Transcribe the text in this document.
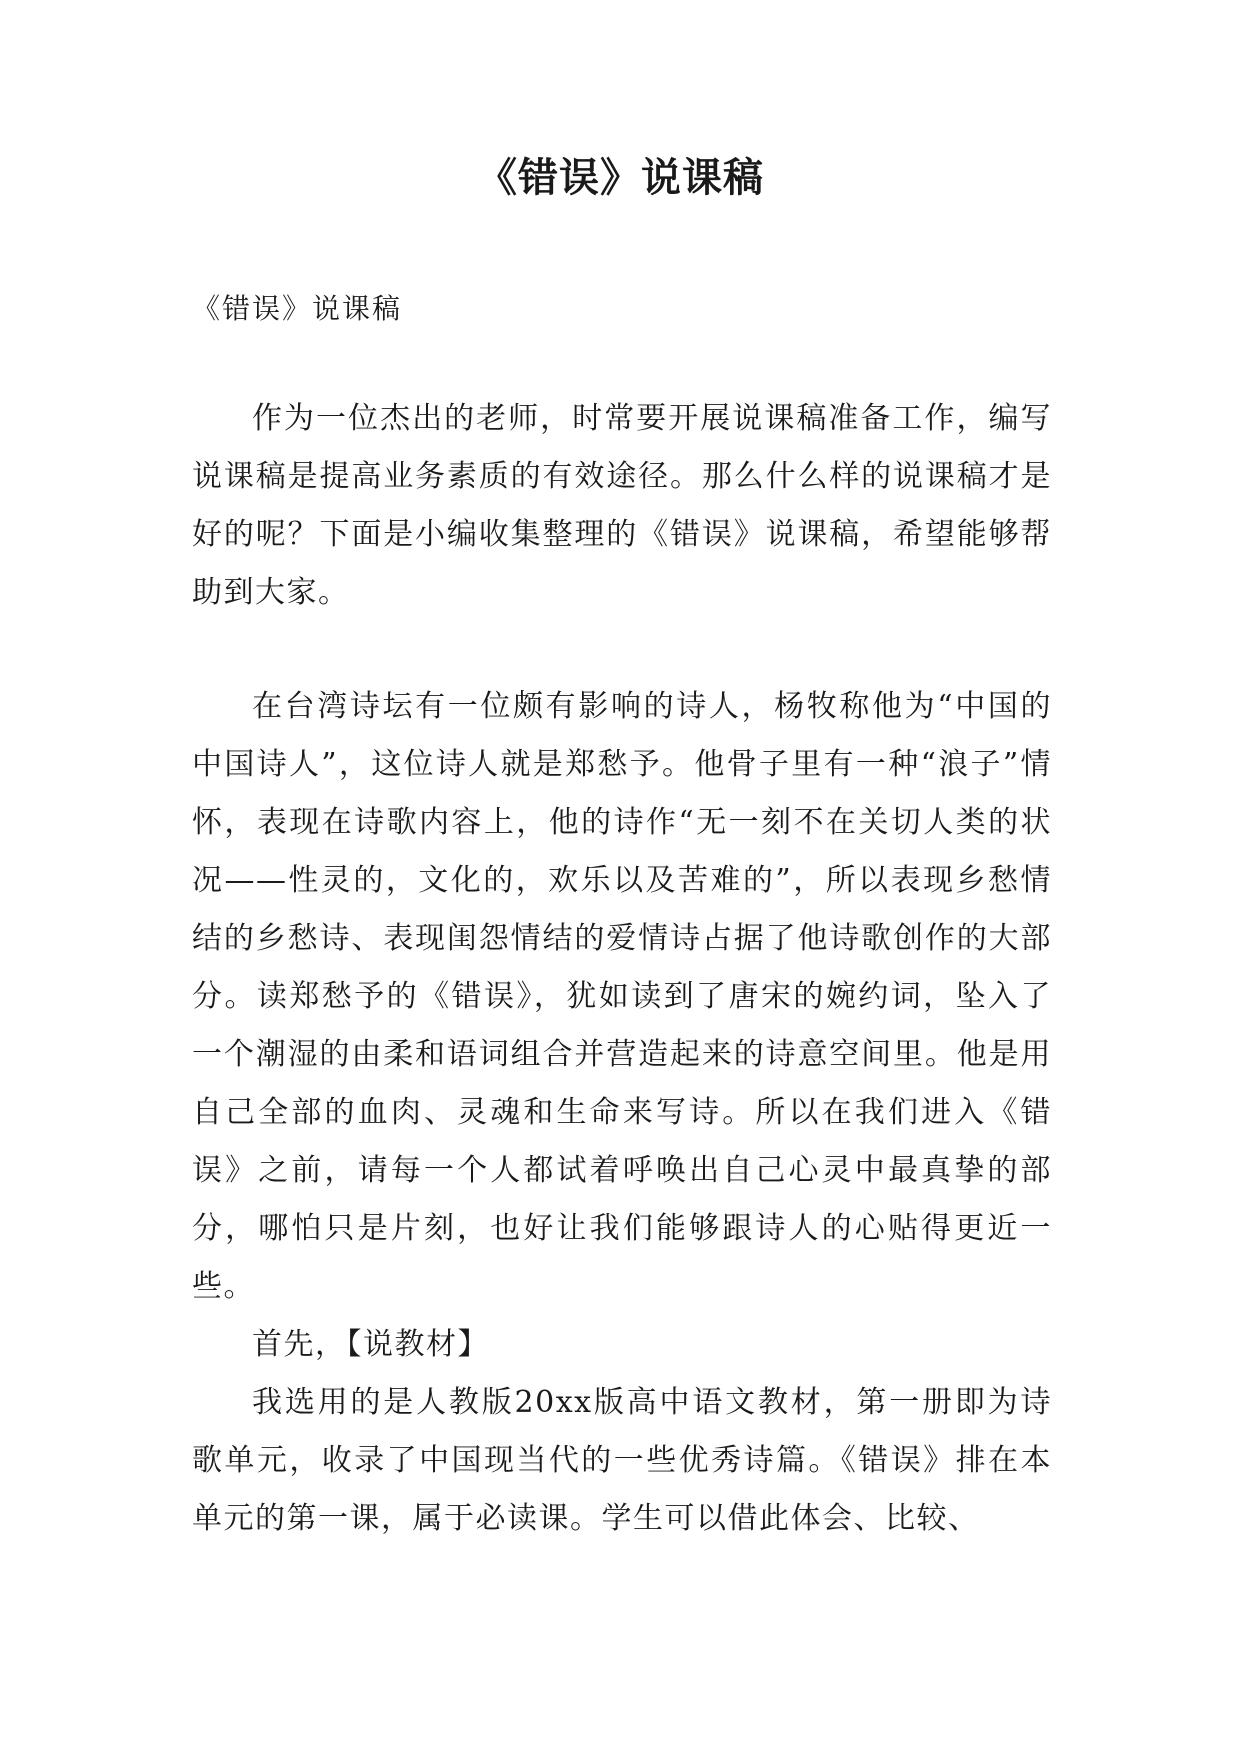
《错误》说课稿

《错误》说课稿

作为一位杰出的老师，时常要开展说课稿准备工作，编写说课稿是提高业务素质的有效途径。那么什么样的说课稿才是好的呢？下面是小编收集整理的《错误》说课稿，希望能够帮助到大家。

在台湾诗坛有一位颇有影响的诗人，杨牧称他为“中国的中国诗人”，这位诗人就是郑愁予。他骨子里有一种“浪子”情怀，表现在诗歌内容上，他的诗作“无一刻不在关切人类的状况——性灵的，文化的，欢乐以及苦难的”，所以表现乡愁情结的乡愁诗、表现闺怨情结的爱情诗占据了他诗歌创作的大部分。读郑愁予的《错误》，犹如读到了唐宋的婉约词，坠入了一个潮湿的由柔和语词组合并营造起来的诗意空间里。他是用自己全部的血肉、灵魂和生命来写诗。所以在我们进入《错误》之前，请每一个人都试着呼唤出自己心灵中最真挚的部分，哪怕只是片刻，也好让我们能够跟诗人的心贴得更近一些。

首先，【说教材】

我选用的是人教版20xx版高中语文教材，第一册即为诗歌单元，收录了中国现当代的一些优秀诗篇。《错误》排在本单元的第一课，属于必读课。学生可以借此体会、比较、
